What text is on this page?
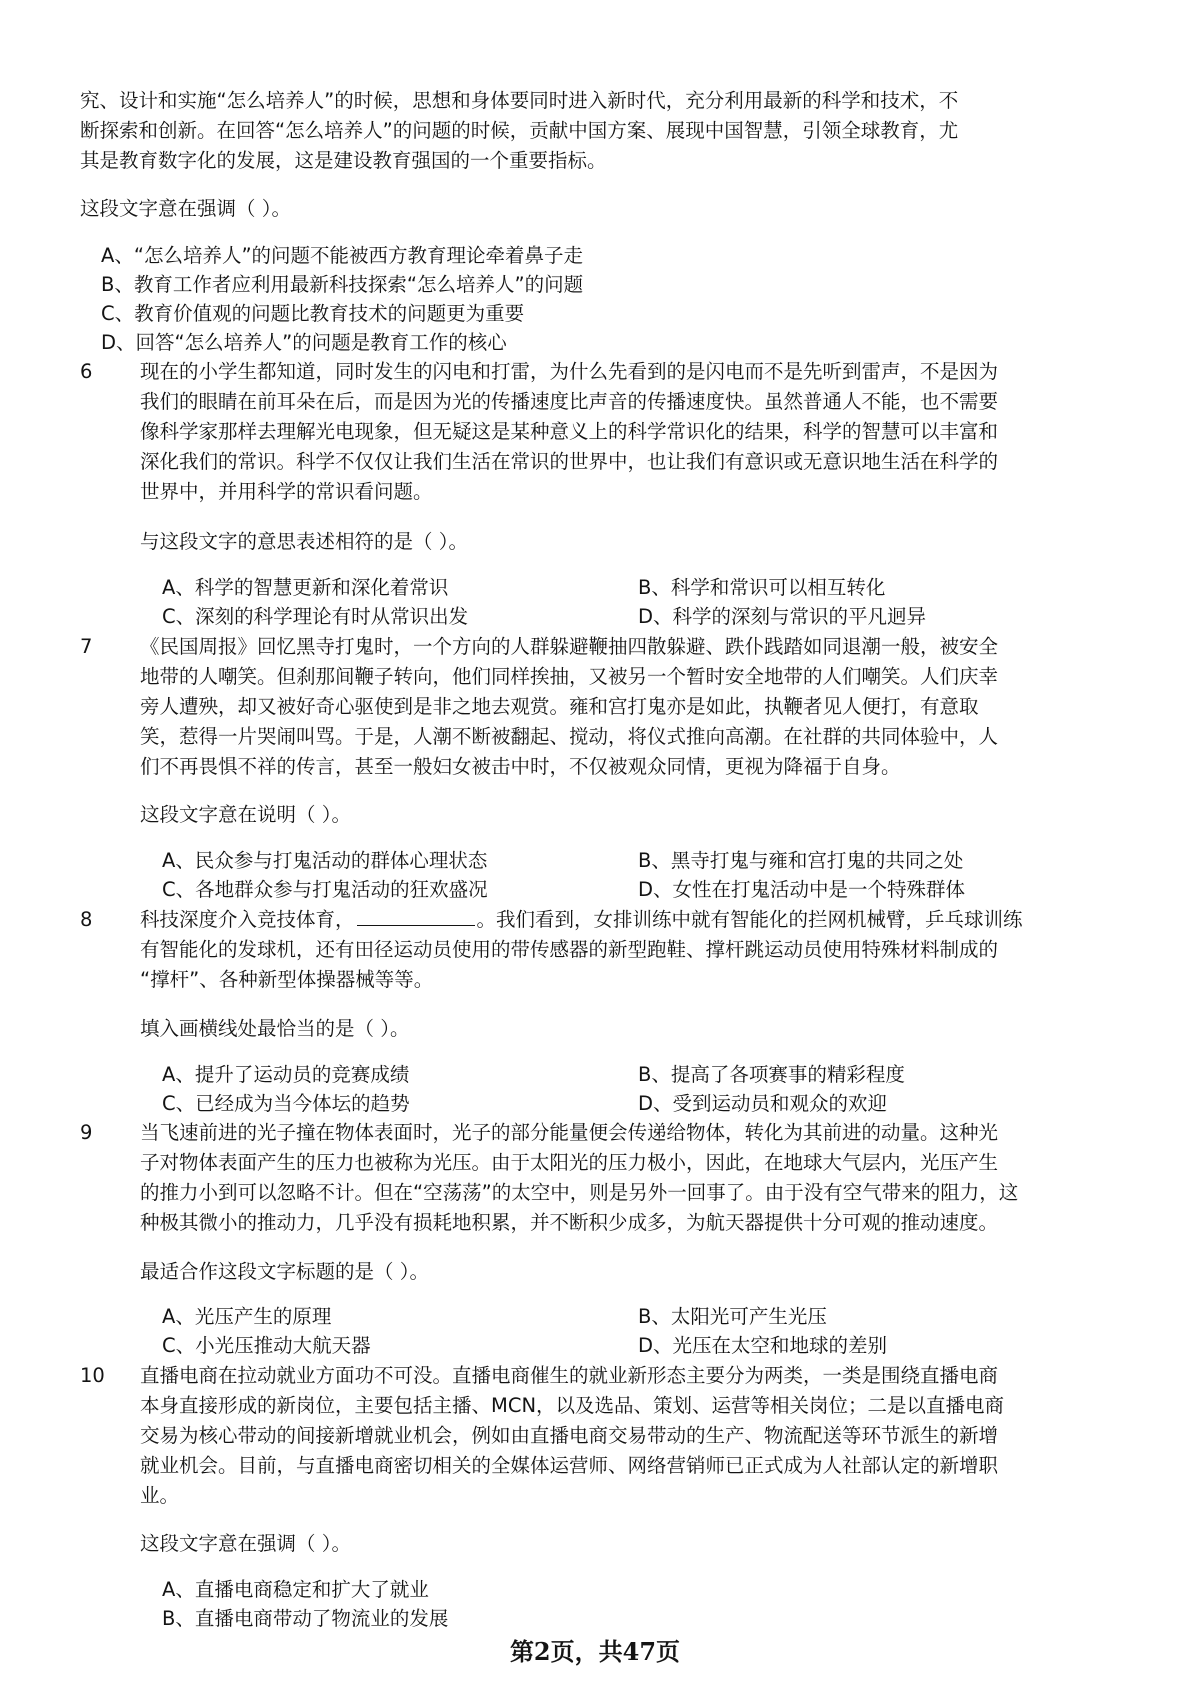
究、设计和实施“怎么培养人”的时候，思想和身体要同时进入新时代，充分利用最新的科学和技术，不
断探索和创新。在回答“怎么培养人”的问题的时候，贡献中国方案、展现中国智慧，引领全球教育，尤
其是教育数字化的发展，这是建设教育强国的一个重要指标。
这段文字意在强调（ ）。
A、“怎么培养人”的问题不能被西方教育理论牵着鼻子走
B、教育工作者应利用最新科技探索“怎么培养人”的问题
C、教育价值观的问题比教育技术的问题更为重要
D、回答“怎么培养人”的问题是教育工作的核心
6 现在的小学生都知道，同时发生的闪电和打雷，为什么先看到的是闪电而不是先听到雷声，不是因为
我们的眼睛在前耳朵在后，而是因为光的传播速度比声音的传播速度快。虽然普通人不能，也不需要
像科学家那样去理解光电现象，但无疑这是某种意义上的科学常识化的结果，科学的智慧可以丰富和
深化我们的常识。科学不仅仅让我们生活在常识的世界中，也让我们有意识或无意识地生活在科学的
世界中，并用科学的常识看问题。
与这段文字的意思表述相符的是（ ）。
A、科学的智慧更新和深化着常识	B、科学和常识可以相互转化
C、深刻的科学理论有时从常识出发	D、科学的深刻与常识的平凡迥异
7 《民国周报》回忆黑寺打鬼时，一个方向的人群躲避鞭抽四散躲避、跌仆践踏如同退潮一般，被安全
地带的人嘲笑。但刹那间鞭子转向，他们同样挨抽，又被另一个暂时安全地带的人们嘲笑。人们庆幸
旁人遭殃，却又被好奇心驱使到是非之地去观赏。雍和宫打鬼亦是如此，执鞭者见人便打，有意取
笑，惹得一片哭闹叫骂。于是，人潮不断被翻起、搅动，将仪式推向高潮。在社群的共同体验中，人
们不再畏惧不祥的传言，甚至一般妇女被击中时，不仅被观众同情，更视为降福于自身。
这段文字意在说明（ ）。
A、民众参与打鬼活动的群体心理状态	B、黑寺打鬼与雍和宫打鬼的共同之处
C、各地群众参与打鬼活动的狂欢盛况	D、女性在打鬼活动中是一个特殊群体
8 科技深度介入竞技体育，	。我们看到，女排训练中就有智能化的拦网机械臂，乒乓球训练
有智能化的发球机，还有田径运动员使用的带传感器的新型跑鞋、撑杆跳运动员使用特殊材料制成的
“撑杆”、各种新型体操器械等等。
填入画横线处最恰当的是（ ）。
A、提升了运动员的竞赛成绩	B、提高了各项赛事的精彩程度
C、已经成为当今体坛的趋势	D、受到运动员和观众的欢迎
9 当飞速前进的光子撞在物体表面时，光子的部分能量便会传递给物体，转化为其前进的动量。这种光
子对物体表面产生的压力也被称为光压。由于太阳光的压力极小，因此，在地球大气层内，光压产生
的推力小到可以忽略不计。但在“空荡荡”的太空中，则是另外一回事了。由于没有空气带来的阻力，这
种极其微小的推动力，几乎没有损耗地积累，并不断积少成多，为航天器提供十分可观的推动速度。
最适合作这段文字标题的是（ ）。
A、光压产生的原理	B、太阳光可产生光压
C、小光压推动大航天器	D、光压在太空和地球的差别
10 直播电商在拉动就业方面功不可没。直播电商催生的就业新形态主要分为两类，一类是围绕直播电商
本身直接形成的新岗位，主要包括主播、MCN，以及选品、策划、运营等相关岗位；二是以直播电商
交易为核心带动的间接新增就业机会，例如由直播电商交易带动的生产、物流配送等环节派生的新增
就业机会。目前，与直播电商密切相关的全媒体运营师、网络营销师已正式成为人社部认定的新增职
业。
这段文字意在强调（ ）。
A、直播电商稳定和扩大了就业
B、直播电商带动了物流业的发展
第2页，共47页
